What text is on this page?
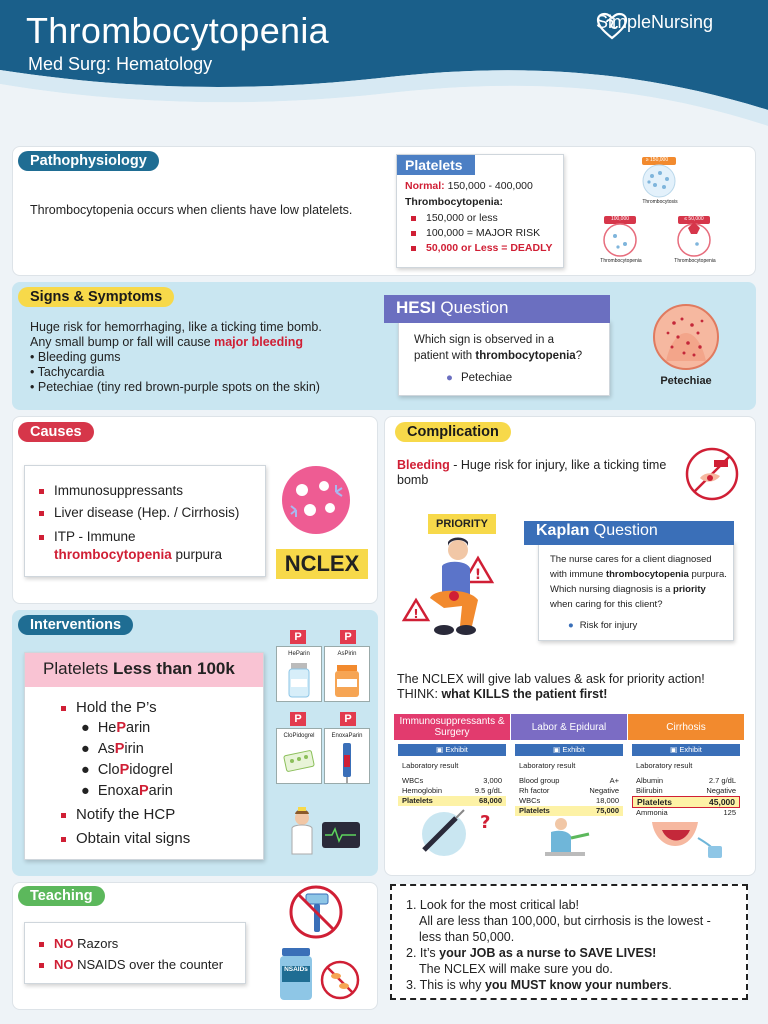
Thrombocytopenia
Med Surg: Hematology
SimpleNursing
Pathophysiology
Thrombocytopenia occurs when clients have low platelets.
Platelets
Normal: 150,000 - 400,000
Thrombocytopenia:
150,000 or less
100,000 = MAJOR RISK
50,000 or Less = DEADLY
≥ 150,000
Thrombocytosis
100,000
Thrombocytopenia
≤ 50,000
Thrombocytopenia
Signs & Symptoms
Huge risk for hemorrhaging, like a ticking time bomb.
Any small bump or fall will cause major bleeding
• Bleeding gums
• Tachycardia
• Petechiae (tiny red brown-purple spots on the skin)
HESI Question
Which sign is observed in a
patient with thrombocytopenia?
● Petechiae	Petechiae
Causes
Immunosuppressants
Liver disease (Hep. / Cirrhosis)
ITP - Immune
thrombocytopenia purpura	NCLEX
Complication
Bleeding - Huge risk for injury, like a ticking time bomb
PRIORITY
!
!
Kaplan Question
The nurse cares for a client diagnosed
with immune thrombocytopenia purpura.
Which nursing diagnosis is a priority
when caring for this client?
● Risk for injury
The NCLEX will give lab values & ask for priority action!
THINK: what KILLS the patient first!
Immunosuppressants & Surgery
▣ Exhibit
Laboratory result
WBCs	3,000
Hemoglobin	9.5 g/dL
Platelets	68,000
?
Labor & Epidural
▣ Exhibit
Laboratory result
Blood group	A+
Rh factor	Negative
WBCs	18,000
Platelets	75,000
Cirrhosis
▣ Exhibit
Laboratory result
Albumin	2.7 g/dL
Bilirubin	Negative
Platelets	45,000
Ammonia	125
Interventions
Platelets Less than 100k
Hold the P’s
●  HeParin
●  AsPirin
●  CloPidogrel
●  EnoxaParin
Notify the HCP
Obtain vital signs
P
HeParin
P
AsPirin
P
CloPidogrel
P
EnoxaParin
Teaching
NO Razors
NO NSAIDS over the counter	NSAIDs
1. Look for the most critical lab!
All are less than 100,000, but cirrhosis is the lowest - less than 50,000.
2. It’s your JOB as a nurse to SAVE LIVES!
The NCLEX will make sure you do.
3. This is why you MUST know your numbers.
